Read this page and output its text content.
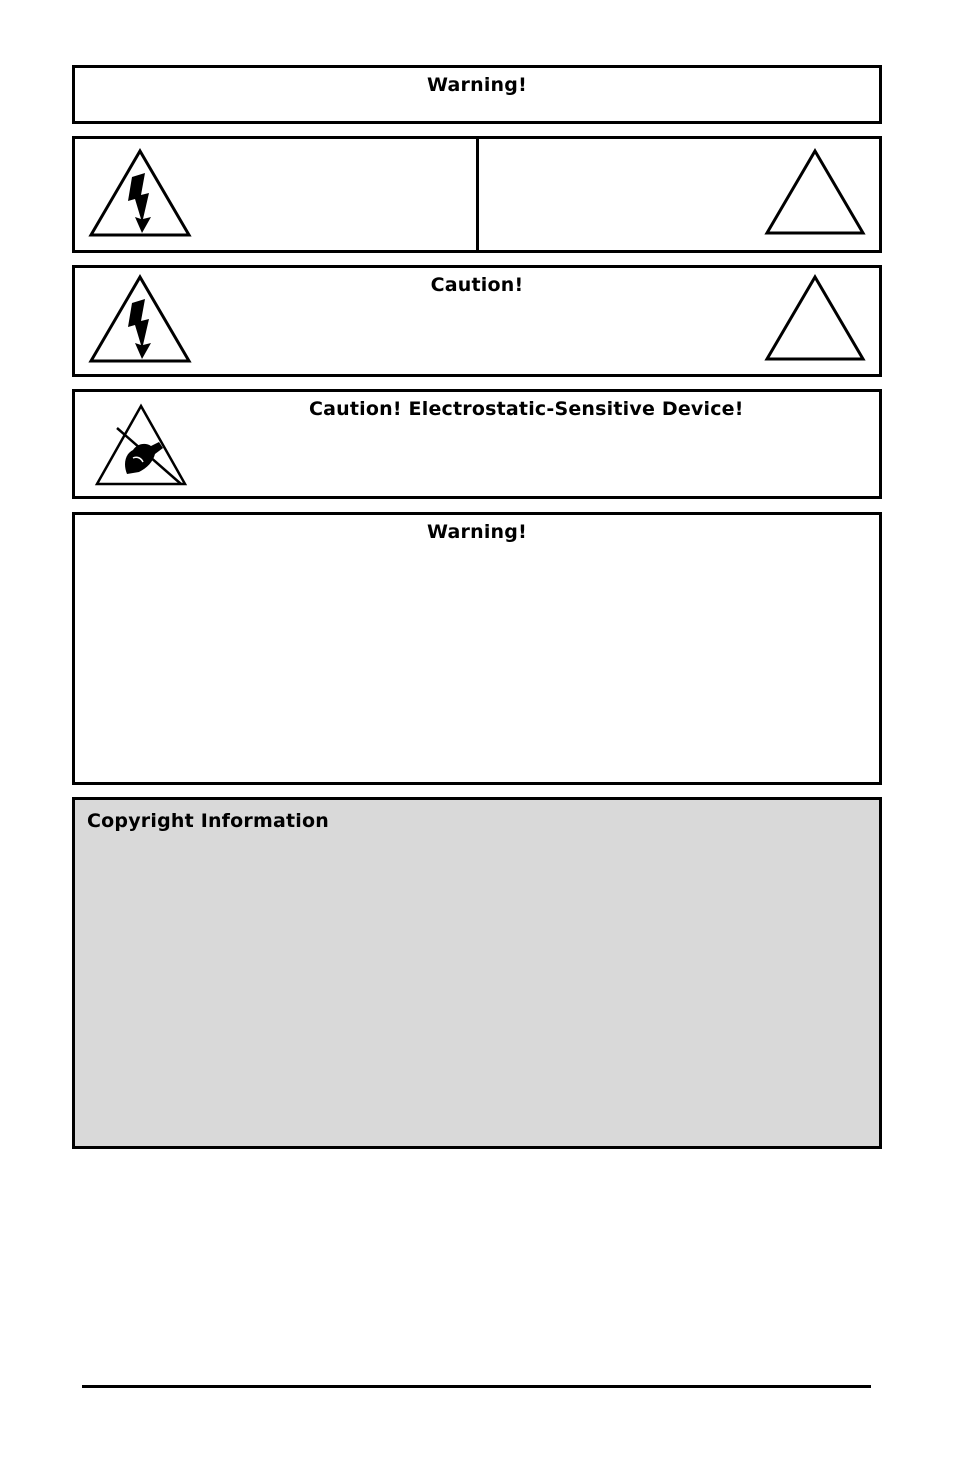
Warning!
Caution!
Caution! Electrostatic-Sensitive Device!
Warning!
Copyright Information
